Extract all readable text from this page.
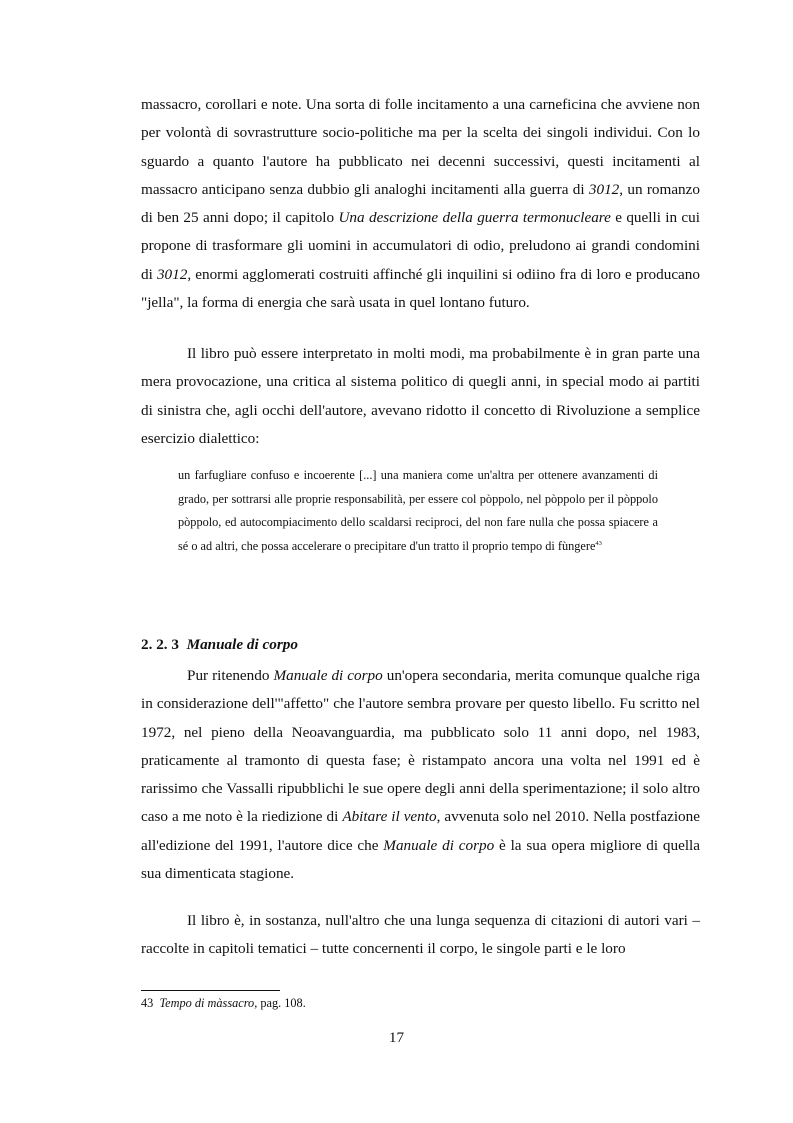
massacro, corollari e note. Una sorta di folle incitamento a una carneficina che avviene non per volontà di sovrastrutture socio-politiche ma per la scelta dei singoli individui. Con lo sguardo a quanto l'autore ha pubblicato nei decenni successivi, questi incitamenti al massacro anticipano senza dubbio gli analoghi incitamenti alla guerra di 3012, un romanzo di ben 25 anni dopo; il capitolo Una descrizione della guerra termonucleare e quelli in cui propone di trasformare gli uomini in accumulatori di odio, preludono ai grandi condomini di 3012, enormi agglomerati costruiti affinché gli inquilini si odiino fra di loro e producano "jella", la forma di energia che sarà usata in quel lontano futuro.

Il libro può essere interpretato in molti modi, ma probabilmente è in gran parte una mera provocazione, una critica al sistema politico di quegli anni, in special modo ai partiti di sinistra che, agli occhi dell'autore, avevano ridotto il concetto di Rivoluzione a semplice esercizio dialettico:

un farfugliare confuso e incoerente [...] una maniera come un'altra per ottenere avanzamenti di grado, per sottrarsi alle proprie responsabilità, per essere col pòppolo, nel pòppolo per il pòppolo pòppolo, ed autocompiacimento dello scaldarsi reciproci, del non fare nulla che possa spiacere a sé o ad altri, che possa accelerare o precipitare d'un tratto il proprio tempo di fùngere$^{43}$
2. 2. 3 Manuale di corpo

Pur ritenendo Manuale di corpo un'opera secondaria, merita comunque qualche riga in considerazione dell'"affetto" che l'autore sembra provare per questo libello. Fu scritto nel 1972, nel pieno della Neoavanguardia, ma pubblicato solo 11 anni dopo, nel 1983, praticamente al tramonto di questa fase; è ristampato ancora una volta nel 1991 ed è rarissimo che Vassalli ripubblichi le sue opere degli anni della sperimentazione; il solo altro caso a me noto è la riedizione di Abitare il vento, avvenuta solo nel 2010. Nella postfazione all'edizione del 1991, l'autore dice che Manuale di corpo è la sua opera migliore di quella sua dimenticata stagione.

Il libro è, in sostanza, null'altro che una lunga sequenza di citazioni di autori vari – raccolte in capitoli tematici – tutte concernenti il corpo, le singole parti e le loro

43 Tempo di màssacro, pag. 108.
17
